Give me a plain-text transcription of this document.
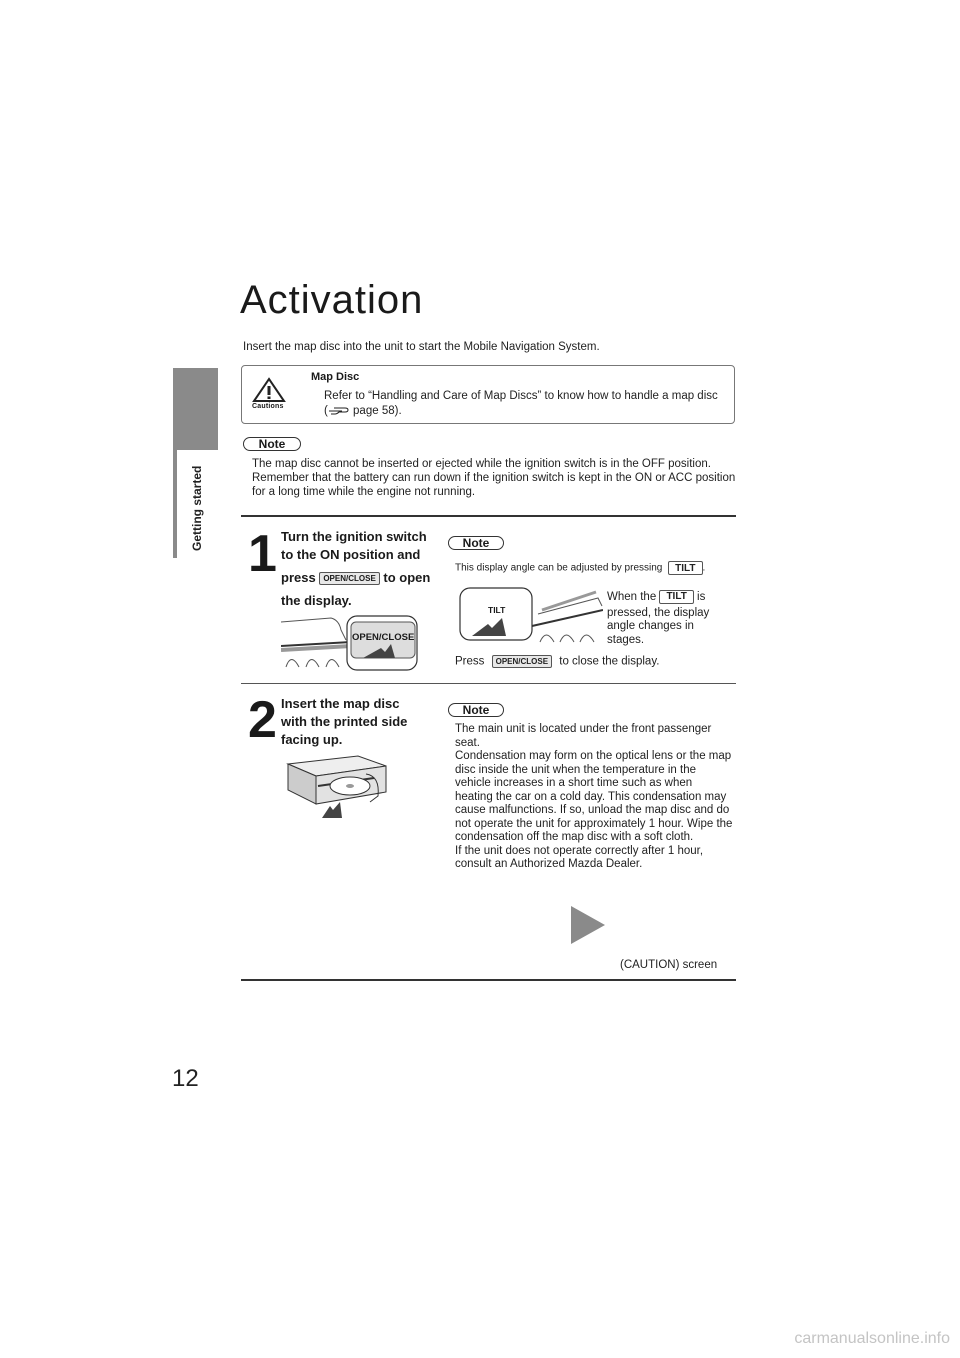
Getting started
12
Activation
Insert the map disc into the unit to start the Mobile Navigation System.
Cautions
Map Disc
Refer to “Handling and Care of Map Discs” to know how to handle a map disc ( page 58).
Note
The map disc cannot be inserted or ejected while the ignition switch is in the OFF position. Remember that the battery can run down if the ignition switch is kept in the ON or ACC position for a long time while the engine not running.
1 Turn the ignition switch
to the ON position and
press OPEN/CLOSE to open
the display.
OPEN/CLOSE
Note
This display angle can be adjusted by pressing TILT .
TILT
When the TILT is
pressed, the display angle changes in stages.
Press OPEN/CLOSE to close the display.
2 Insert the map disc with the printed side facing up.
Note
The main unit is located under the front passenger seat.
Condensation may form on the optical lens or the map disc inside the unit when the temperature in the vehicle increases in a short time such as when heating the car on a cold day. This condensation may cause malfunctions. If so, unload the map disc and do not operate the unit for approximately 1 hour. Wipe the condensation off the map disc with a soft cloth.
If the unit does not operate correctly after 1 hour, consult an Authorized Mazda Dealer.
(CAUTION) screen
carmanualsonline.info
